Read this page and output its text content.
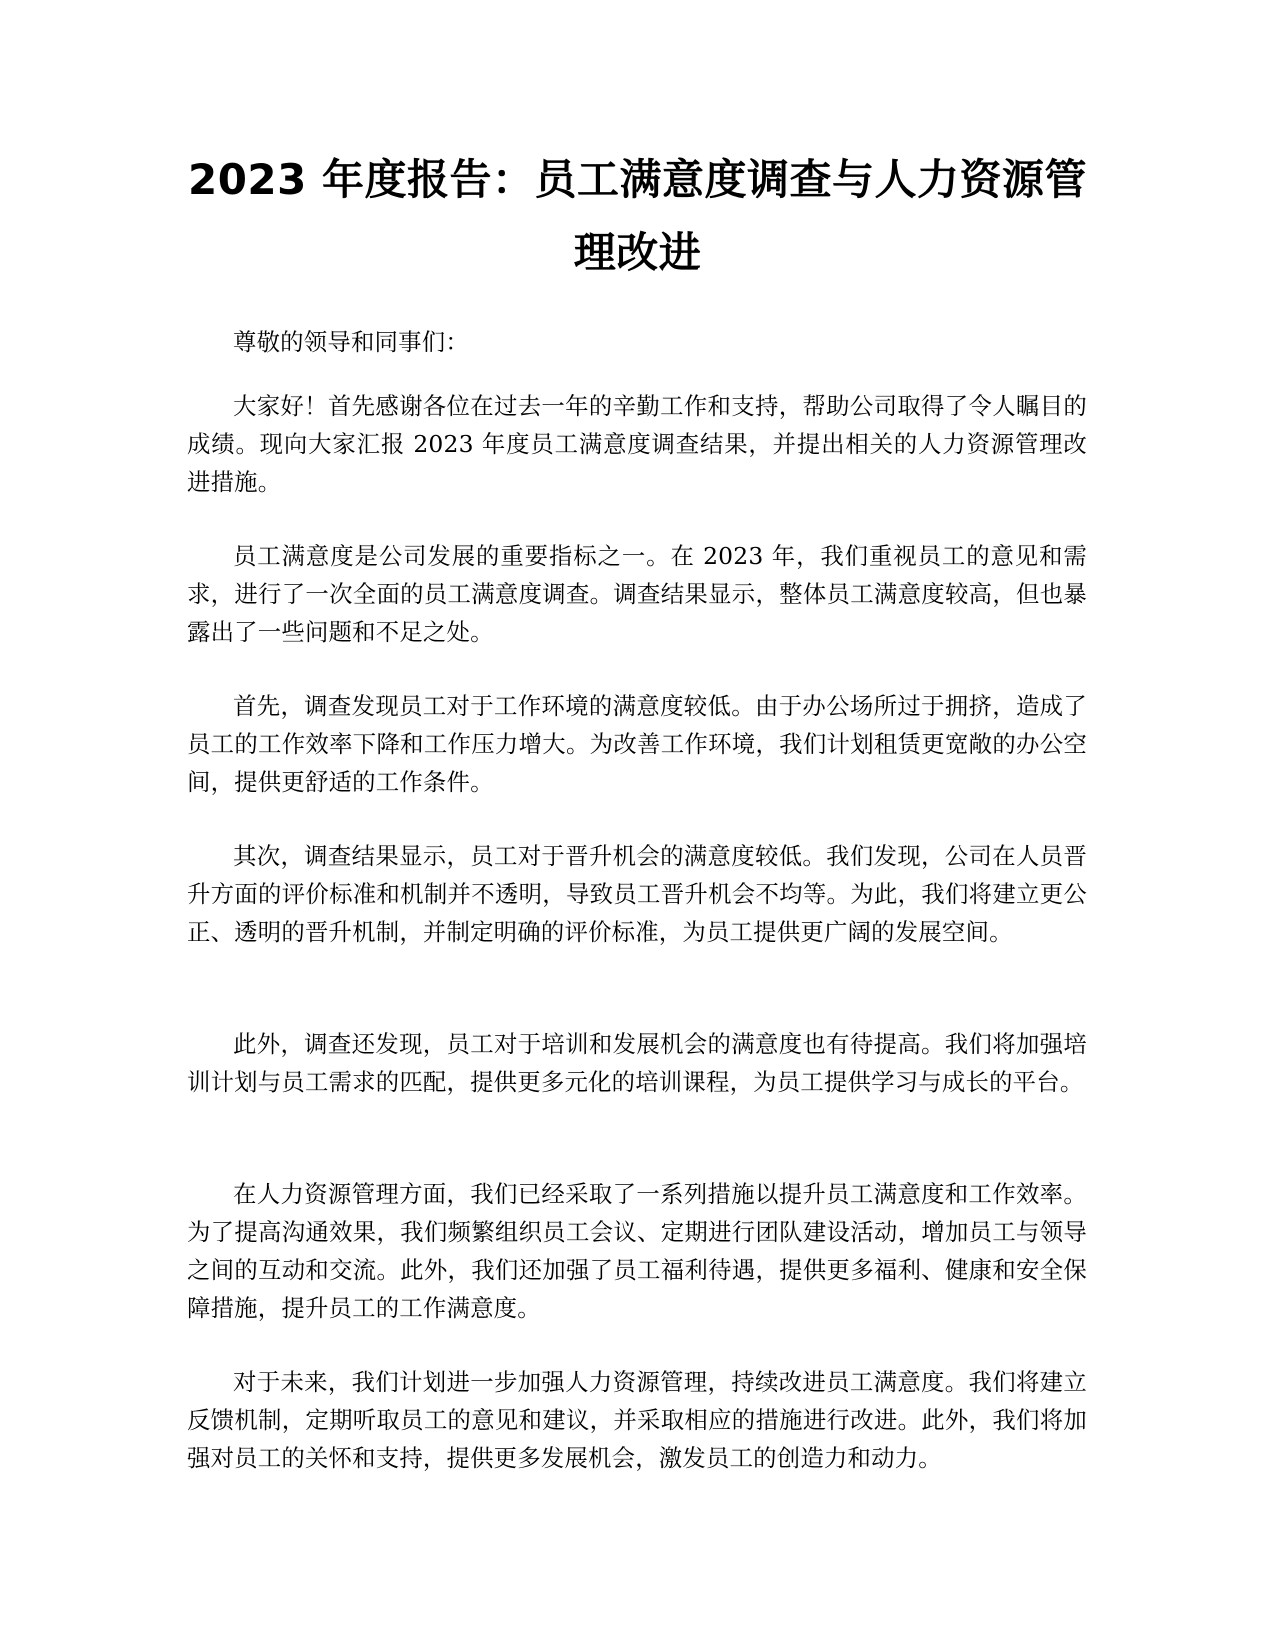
2023 年度报告：员工满意度调查与人力资源管理改进

尊敬的领导和同事们：

大家好！首先感谢各位在过去一年的辛勤工作和支持，帮助公司取得了令人瞩目的成绩。现向大家汇报 2023 年度员工满意度调查结果，并提出相关的人力资源管理改进措施。

员工满意度是公司发展的重要指标之一。在 2023 年，我们重视员工的意见和需求，进行了一次全面的员工满意度调查。调查结果显示，整体员工满意度较高，但也暴露出了一些问题和不足之处。

首先，调查发现员工对于工作环境的满意度较低。由于办公场所过于拥挤，造成了员工的工作效率下降和工作压力增大。为改善工作环境，我们计划租赁更宽敞的办公空间，提供更舒适的工作条件。

其次，调查结果显示，员工对于晋升机会的满意度较低。我们发现，公司在人员晋升方面的评价标准和机制并不透明，导致员工晋升机会不均等。为此，我们将建立更公正、透明的晋升机制，并制定明确的评价标准，为员工提供更广阔的发展空间。

此外，调查还发现，员工对于培训和发展机会的满意度也有待提高。我们将加强培训计划与员工需求的匹配，提供更多元化的培训课程，为员工提供学习与成长的平台。

在人力资源管理方面，我们已经采取了一系列措施以提升员工满意度和工作效率。为了提高沟通效果，我们频繁组织员工会议、定期进行团队建设活动，增加员工与领导之间的互动和交流。此外，我们还加强了员工福利待遇，提供更多福利、健康和安全保障措施，提升员工的工作满意度。

对于未来，我们计划进一步加强人力资源管理，持续改进员工满意度。我们将建立反馈机制，定期听取员工的意见和建议，并采取相应的措施进行改进。此外，我们将加强对员工的关怀和支持，提供更多发展机会，激发员工的创造力和动力。
